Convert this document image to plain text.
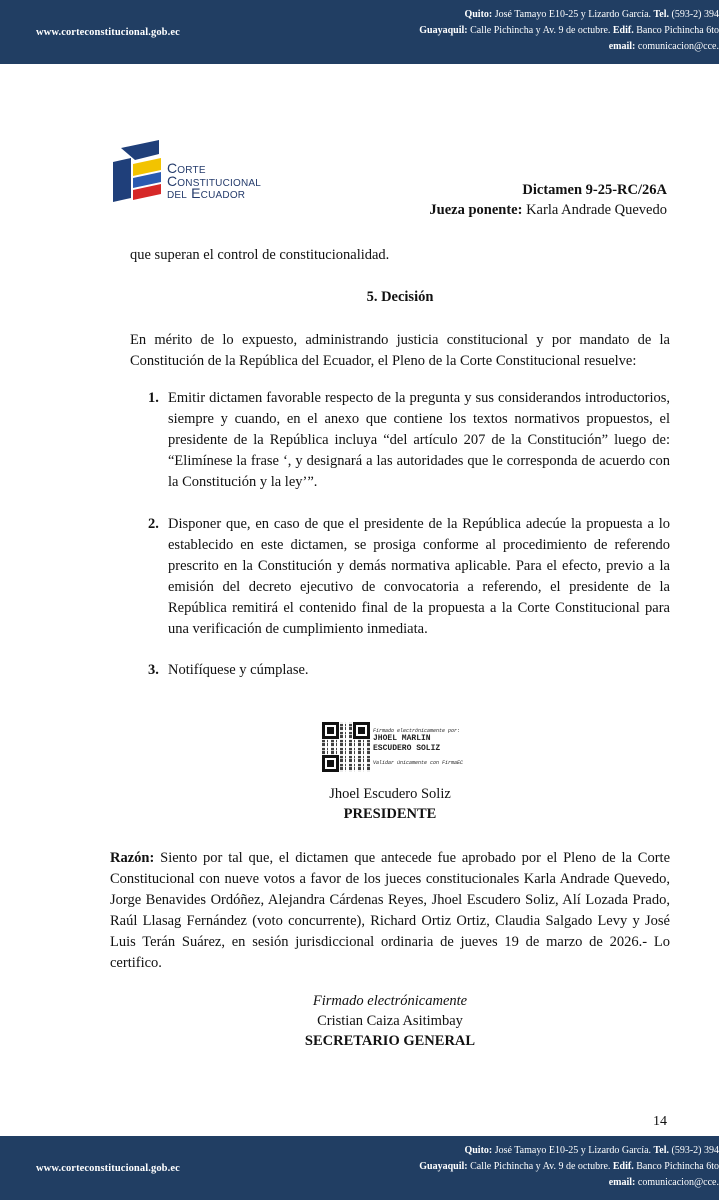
www.corteconstitucional.gob.ec
Quito: José Tamayo E10-25 y Lizardo García. Tel. (593-2) 394
Guayaquil: Calle Pichincha y Av. 9 de octubre. Edif. Banco Pichincha 6to
email: comunicacion@cce.
Corte
Constitucional
del Ecuador	Dictamen 9-25-RC/26A
Jueza ponente: Karla Andrade Quevedo
que superan el control de constitucionalidad.
5. Decisión
En mérito de lo expuesto, administrando justicia constitucional y por mandato de la Constitución de la República del Ecuador, el Pleno de la Corte Constitucional resuelve:
1. Emitir dictamen favorable respecto de la pregunta y sus considerandos introductorios, siempre y cuando, en el anexo que contiene los textos normativos propuestos, el presidente de la República incluya “del artículo 207 de la Constitución” luego de: “Elimínese la frase ‘, y designará a las autoridades que le corresponda de acuerdo con la Constitución y la ley’”.
2. Disponer que, en caso de que el presidente de la República adecúe la propuesta a lo establecido en este dictamen, se prosiga conforme al procedimiento de referendo prescrito en la Constitución y demás normativa aplicable. Para el efecto, previo a la emisión del decreto ejecutivo de convocatoria a referendo, el presidente de la República remitirá el contenido final de la propuesta a la Corte Constitucional para una verificación de cumplimiento inmediata.
3. Notifíquese y cúmplase.
Firmado electrónicamente por:
JHOEL MARLIN
ESCUDERO SOLIZ
Validar únicamente con FirmaEC
Jhoel Escudero Soliz
PRESIDENTE
Razón: Siento por tal que, el dictamen que antecede fue aprobado por el Pleno de la Corte Constitucional con nueve votos a favor de los jueces constitucionales Karla Andrade Quevedo, Jorge Benavides Ordóñez, Alejandra Cárdenas Reyes, Jhoel Escudero Soliz, Alí Lozada Prado, Raúl Llasag Fernández (voto concurrente), Richard Ortiz Ortiz, Claudia Salgado Levy y José Luis Terán Suárez, en sesión jurisdiccional ordinaria de jueves 19 de marzo de 2026.- Lo certifico.
Firmado electrónicamente
Cristian Caiza Asitimbay
SECRETARIO GENERAL
14
www.corteconstitucional.gob.ec
Quito: José Tamayo E10-25 y Lizardo García. Tel. (593-2) 394
Guayaquil: Calle Pichincha y Av. 9 de octubre. Edif. Banco Pichincha 6to
email: comunicacion@cce.
